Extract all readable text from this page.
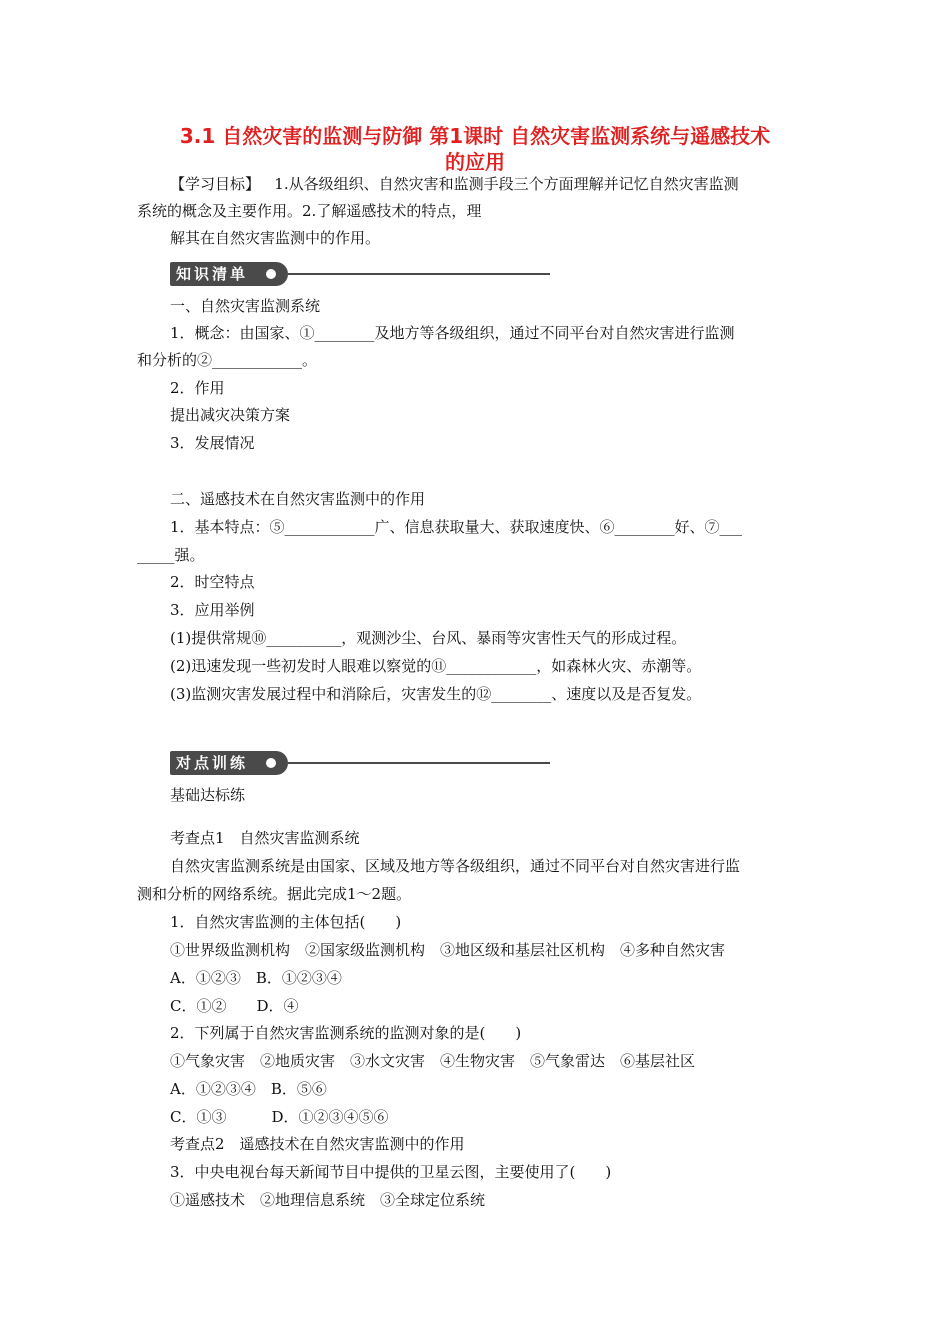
3.1 自然灾害的监测与防御 第1课时 自然灾害监测系统与遥感技术
的应用
【学习目标】   1.从各级组织、自然灾害和监测手段三个方面理解并记忆自然灾害监测
系统的概念及主要作用。2.了解遥感技术的特点，理
解其在自然灾害监测中的作用。
知识清单
一、自然灾害监测系统
1．概念：由国家、①________及地方等各级组织，通过不同平台对自然灾害进行监测
和分析的②____________。
2．作用
提出减灾决策方案
3．发展情况
二、遥感技术在自然灾害监测中的作用
1．基本特点：⑤____________广、信息获取量大、获取速度快、⑥________好、⑦___
_____强。
2．时空特点
3．应用举例
(1)提供常规⑩__________，观测沙尘、台风、暴雨等灾害性天气的形成过程。
(2)迅速发现一些初发时人眼难以察觉的⑪____________，如森林火灾、赤潮等。
(3)监测灾害发展过程中和消除后，灾害发生的⑫________、速度以及是否复发。
对点训练
基础达标练
考查点1　自然灾害监测系统
自然灾害监测系统是由国家、区域及地方等各级组织，通过不同平台对自然灾害进行监
测和分析的网络系统。据此完成1～2题。
1．自然灾害监测的主体包括(　　)
①世界级监测机构　②国家级监测机构　③地区级和基层社区机构　④多种自然灾害
A．①②③　B．①②③④
C．①②　　D．④
2．下列属于自然灾害监测系统的监测对象的是(　　)
①气象灾害　②地质灾害　③水文灾害　④生物灾害　⑤气象雷达　⑥基层社区
A．①②③④　B．⑤⑥
C．①③　　　D．①②③④⑤⑥
考查点2　遥感技术在自然灾害监测中的作用
3．中央电视台每天新闻节目中提供的卫星云图，主要使用了(　　)
①遥感技术　②地理信息系统　③全球定位系统
